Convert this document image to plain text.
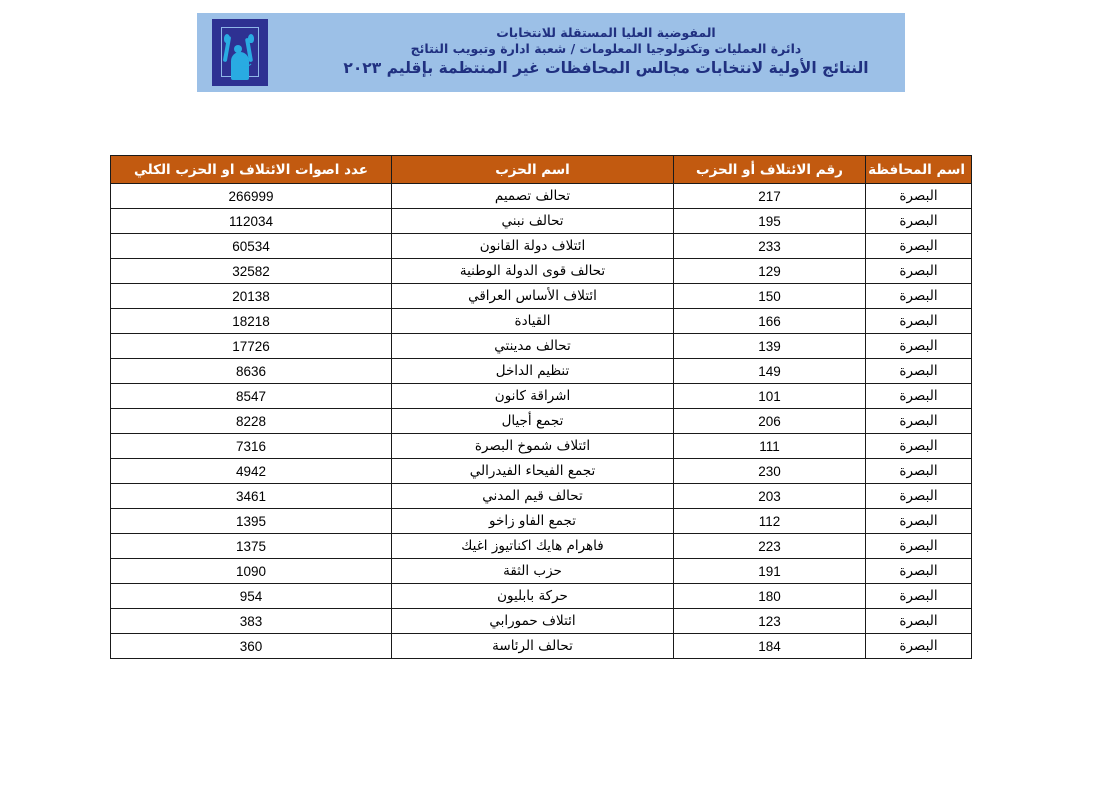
المفوضية العليا المستقلة للانتخابات
دائرة العمليات وتكنولوجيا المعلومات / شعبة ادارة وتبويب النتائج
النتائج الأولية لانتخابات مجالس المحافظات غير المنتظمة بإقليم ٢٠٢٣
اسم المحافظة	رقم الائتلاف أو الحزب	اسم الحزب	عدد اصوات الائتلاف او الحزب الكلي
البصرة	217	تحالف تصميم	266999
البصرة	195	تحالف نبني	112034
البصرة	233	ائتلاف دولة القانون	60534
البصرة	129	تحالف قوى الدولة الوطنية	32582
البصرة	150	ائتلاف الأساس العراقي	20138
البصرة	166	القيادة	18218
البصرة	139	تحالف مدينتي	17726
البصرة	149	تنظيم الداخل	8636
البصرة	101	اشراقة كانون	8547
البصرة	206	تجمع أجيال	8228
البصرة	111	ائتلاف شموخ البصرة	7316
البصرة	230	تجمع الفيحاء الفيدرالي	4942
البصرة	203	تحالف قيم المدني	3461
البصرة	112	تجمع الفاو زاخو	1395
البصرة	223	فاهرام هايك اكناتيوز اغيك	1375
البصرة	191	حزب الثقة	1090
البصرة	180	حركة بابليون	954
البصرة	123	ائتلاف حمورابي	383
البصرة	184	تحالف الرئاسة	360
